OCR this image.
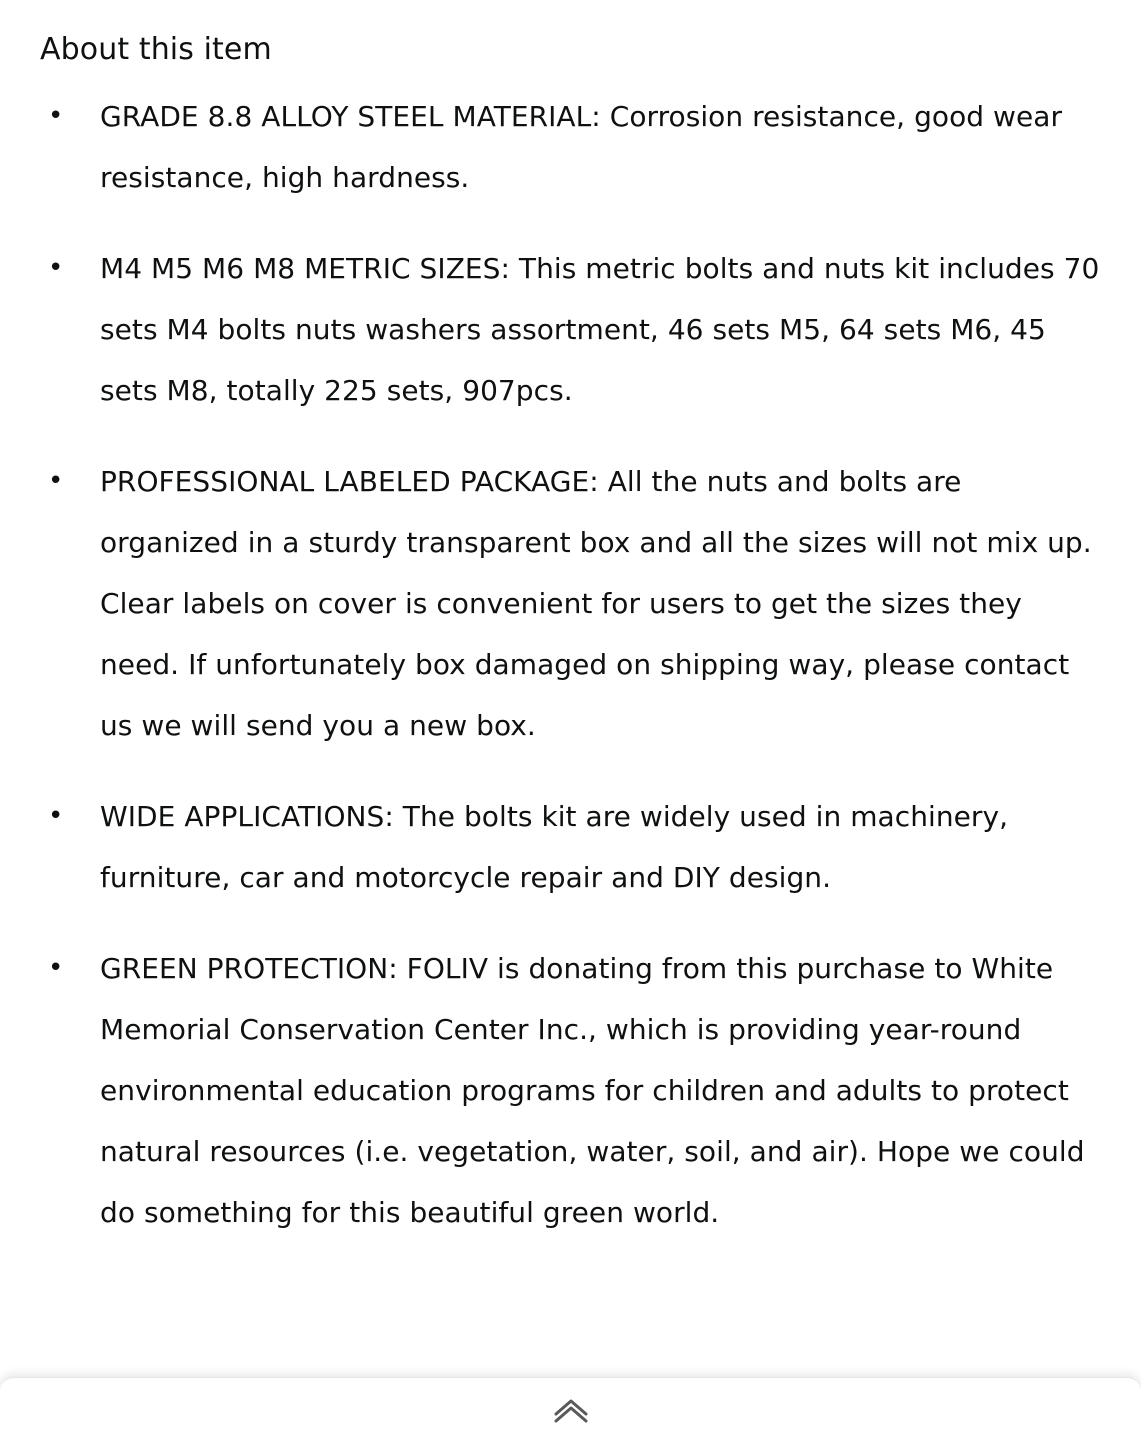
About this item
• GRADE 8.8 ALLOY STEEL MATERIAL: Corrosion resistance, good wear resistance, high hardness.
• M4 M5 M6 M8 METRIC SIZES: This metric bolts and nuts kit includes 70 sets M4 bolts nuts washers assortment, 46 sets M5, 64 sets M6, 45 sets M8, totally 225 sets, 907pcs.
• PROFESSIONAL LABELED PACKAGE: All the nuts and bolts are organized in a sturdy transparent box and all the sizes will not mix up. Clear labels on cover is convenient for users to get the sizes they need. If unfortunately box damaged on shipping way, please contact us we will send you a new box.
• WIDE APPLICATIONS: The bolts kit are widely used in machinery, furniture, car and motorcycle repair and DIY design.
• GREEN PROTECTION: FOLIV is donating from this purchase to White Memorial Conservation Center Inc., which is providing year-round environmental education programs for children and adults to protect natural resources (i.e. vegetation, water, soil, and air). Hope we could do something for this beautiful green world.
